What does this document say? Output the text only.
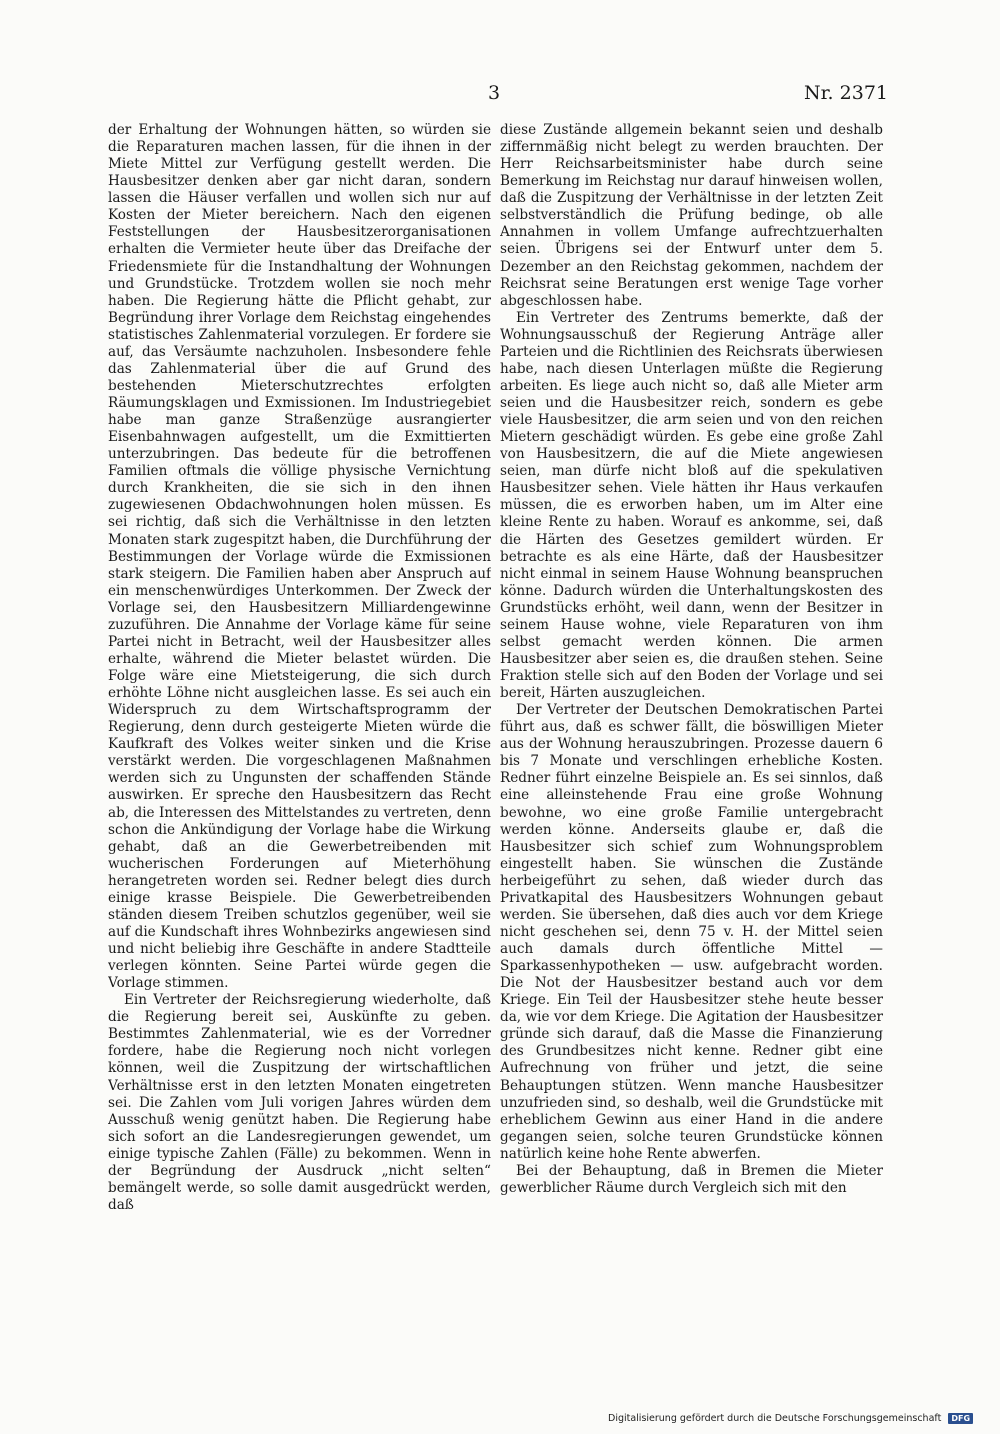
3	Nr. 2371

der Erhaltung der Wohnungen hätten, so würden sie die Reparaturen machen lassen, für die ihnen in der Miete Mittel zur Verfügung gestellt werden. Die Hausbesitzer denken aber gar nicht daran, sondern lassen die Häuser verfallen und wollen sich nur auf Kosten der Mieter bereichern. Nach den eigenen Feststellungen der Hausbesitzerorganisationen erhalten die Vermieter heute über das Dreifache der Friedensmiete für die Instandhaltung der Wohnungen und Grundstücke. Trotzdem wollen sie noch mehr haben. Die Regierung hätte die Pflicht gehabt, zur Begründung ihrer Vorlage dem Reichstag eingehendes statistisches Zahlenmaterial vorzulegen. Er fordere sie auf, das Versäumte nachzuholen. Insbesondere fehle das Zahlenmaterial über die auf Grund des bestehenden Mieterschutzrechtes erfolgten Räumungsklagen und Exmissionen. Im Industriegebiet habe man ganze Straßenzüge ausrangierter Eisenbahnwagen aufgestellt, um die Exmittierten unterzubringen. Das bedeute für die betroffenen Familien oftmals die völlige physische Vernichtung durch Krankheiten, die sie sich in den ihnen zugewiesenen Obdachwohnungen holen müssen. Es sei richtig, daß sich die Verhältnisse in den letzten Monaten stark zugespitzt haben, die Durchführung der Bestimmungen der Vorlage würde die Exmissionen stark steigern. Die Familien haben aber Anspruch auf ein menschenwürdiges Unterkommen. Der Zweck der Vorlage sei, den Hausbesitzern Milliardengewinne zuzuführen. Die Annahme der Vorlage käme für seine Partei nicht in Betracht, weil der Hausbesitzer alles erhalte, während die Mieter belastet würden. Die Folge wäre eine Mietsteigerung, die sich durch erhöhte Löhne nicht ausgleichen lasse. Es sei auch ein Widerspruch zu dem Wirtschaftsprogramm der Regierung, denn durch gesteigerte Mieten würde die Kaufkraft des Volkes weiter sinken und die Krise verstärkt werden. Die vorgeschlagenen Maßnahmen werden sich zu Ungunsten der schaffenden Stände auswirken. Er spreche den Hausbesitzern das Recht ab, die Interessen des Mittelstandes zu vertreten, denn schon die Ankündigung der Vorlage habe die Wirkung gehabt, daß an die Gewerbetreibenden mit wucherischen Forderungen auf Mieterhöhung herangetreten worden sei. Redner belegt dies durch einige krasse Beispiele. Die Gewerbetreibenden ständen diesem Treiben schutzlos gegenüber, weil sie auf die Kundschaft ihres Wohnbezirks angewiesen sind und nicht beliebig ihre Geschäfte in andere Stadtteile verlegen könnten. Seine Partei würde gegen die Vorlage stimmen.

Ein Vertreter der Reichsregierung wiederholte, daß die Regierung bereit sei, Auskünfte zu geben. Bestimmtes Zahlenmaterial, wie es der Vorredner fordere, habe die Regierung noch nicht vorlegen können, weil die Zuspitzung der wirtschaftlichen Verhältnisse erst in den letzten Monaten eingetreten sei. Die Zahlen vom Juli vorigen Jahres würden dem Ausschuß wenig genützt haben. Die Regierung habe sich sofort an die Landesregierungen gewendet, um einige typische Zahlen (Fälle) zu bekommen. Wenn in der Begründung der Ausdruck „nicht selten“ bemängelt werde, so solle damit ausgedrückt werden, daß

diese Zustände allgemein bekannt seien und deshalb ziffernmäßig nicht belegt zu werden brauchten. Der Herr Reichsarbeitsminister habe durch seine Bemerkung im Reichstag nur darauf hinweisen wollen, daß die Zuspitzung der Verhältnisse in der letzten Zeit selbstverständlich die Prüfung bedinge, ob alle Annahmen in vollem Umfange aufrechtzuerhalten seien. Übrigens sei der Entwurf unter dem 5. Dezember an den Reichstag gekommen, nachdem der Reichsrat seine Beratungen erst wenige Tage vorher abgeschlossen habe.

Ein Vertreter des Zentrums bemerkte, daß der Wohnungsausschuß der Regierung Anträge aller Parteien und die Richtlinien des Reichsrats überwiesen habe, nach diesen Unterlagen müßte die Regierung arbeiten. Es liege auch nicht so, daß alle Mieter arm seien und die Hausbesitzer reich, sondern es gebe viele Hausbesitzer, die arm seien und von den reichen Mietern geschädigt würden. Es gebe eine große Zahl von Hausbesitzern, die auf die Miete angewiesen seien, man dürfe nicht bloß auf die spekulativen Hausbesitzer sehen. Viele hätten ihr Haus verkaufen müssen, die es erworben haben, um im Alter eine kleine Rente zu haben. Worauf es ankomme, sei, daß die Härten des Gesetzes gemildert würden. Er betrachte es als eine Härte, daß der Hausbesitzer nicht einmal in seinem Hause Wohnung beanspruchen könne. Dadurch würden die Unterhaltungskosten des Grundstücks erhöht, weil dann, wenn der Besitzer in seinem Hause wohne, viele Reparaturen von ihm selbst gemacht werden können. Die armen Hausbesitzer aber seien es, die draußen stehen. Seine Fraktion stelle sich auf den Boden der Vorlage und sei bereit, Härten auszugleichen.

Der Vertreter der Deutschen Demokratischen Partei führt aus, daß es schwer fällt, die böswilligen Mieter aus der Wohnung herauszubringen. Prozesse dauern 6 bis 7 Monate und verschlingen erhebliche Kosten. Redner führt einzelne Beispiele an. Es sei sinnlos, daß eine alleinstehende Frau eine große Wohnung bewohne, wo eine große Familie untergebracht werden könne. Anderseits glaube er, daß die Hausbesitzer sich schief zum Wohnungsproblem eingestellt haben. Sie wünschen die Zustände herbeigeführt zu sehen, daß wieder durch das Privatkapital des Hausbesitzers Wohnungen gebaut werden. Sie übersehen, daß dies auch vor dem Kriege nicht geschehen sei, denn 75 v. H. der Mittel seien auch damals durch öffentliche Mittel — Sparkassenhypotheken — usw. aufgebracht worden. Die Not der Hausbesitzer bestand auch vor dem Kriege. Ein Teil der Hausbesitzer stehe heute besser da, wie vor dem Kriege. Die Agitation der Hausbesitzer gründe sich darauf, daß die Masse die Finanzierung des Grundbesitzes nicht kenne. Redner gibt eine Aufrechnung von früher und jetzt, die seine Behauptungen stützen. Wenn manche Hausbesitzer unzufrieden sind, so deshalb, weil die Grundstücke mit erheblichem Gewinn aus einer Hand in die andere gegangen seien, solche teuren Grundstücke können natürlich keine hohe Rente abwerfen.

Bei der Behauptung, daß in Bremen die Mieter gewerblicher Räume durch Vergleich sich mit den

Digitalisierung gefördert durch die Deutsche Forschungsgemeinschaft DFG
